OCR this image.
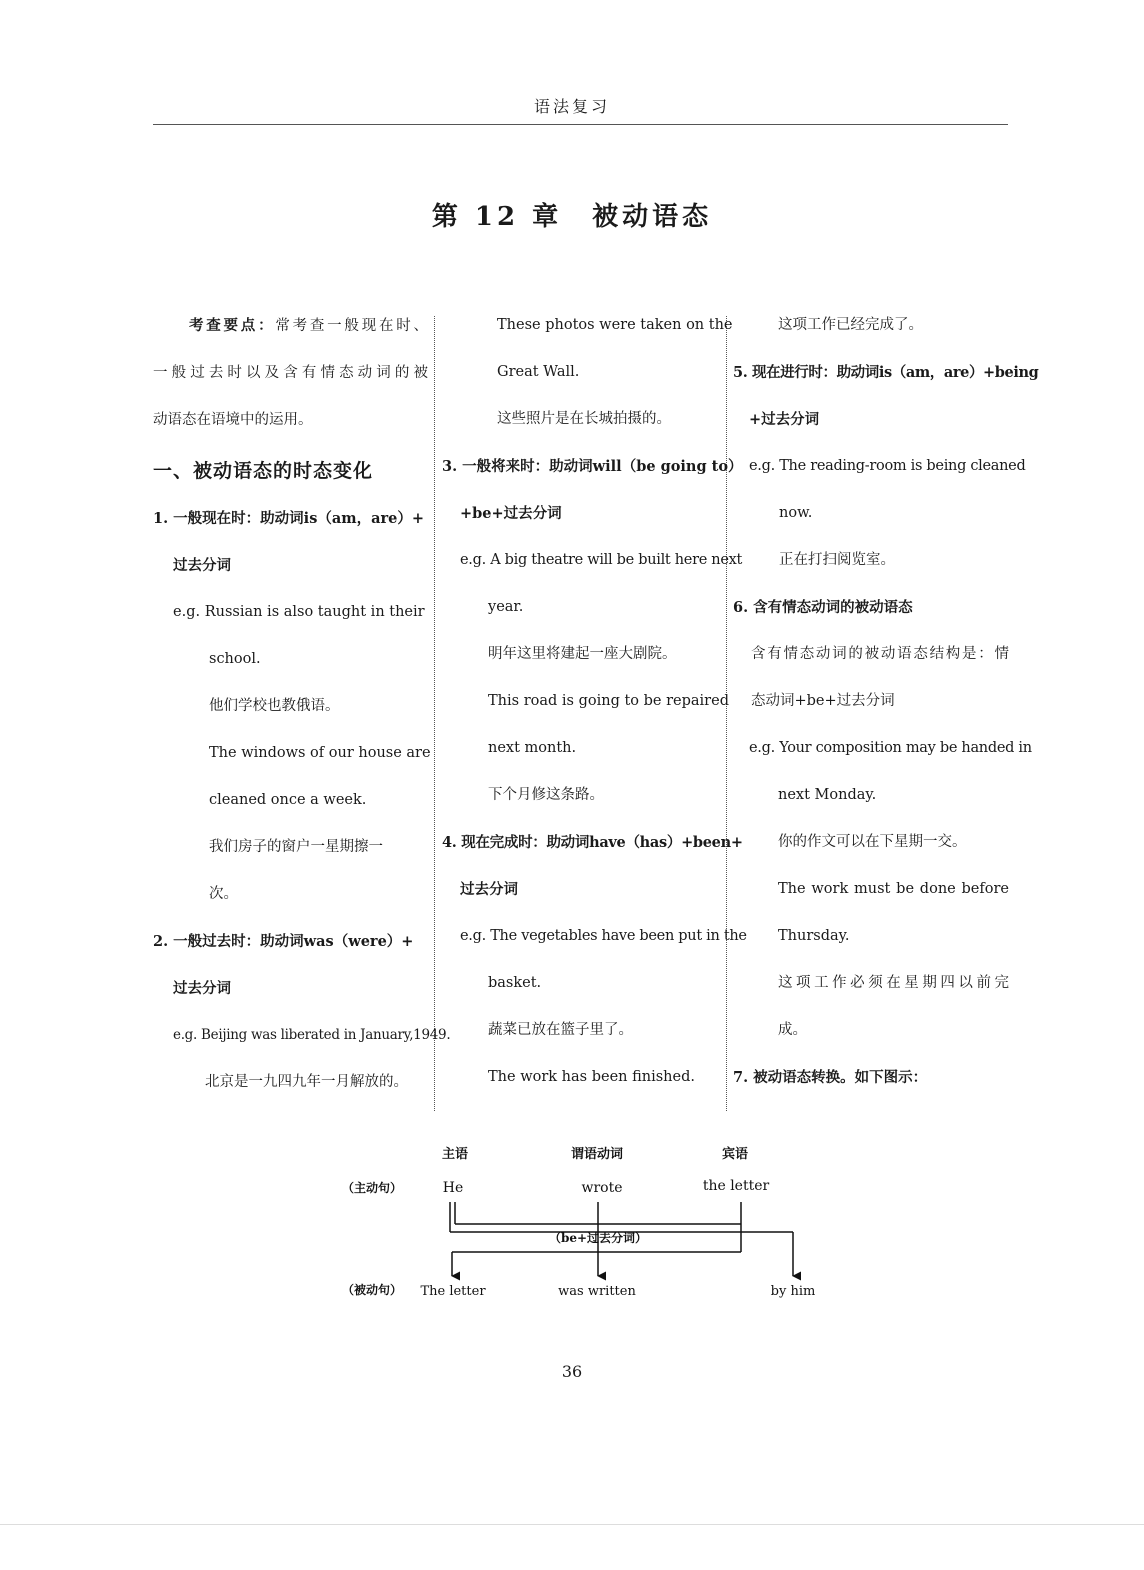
语法复习
第 12 章　被动语态

考查要点：常考查一般现在时、

一般过去时以及含有情态动词的被

动语态在语境中的运用。

一、被动语态的时态变化

1. 一般现在时：助动词is（am，are）+

过去分词

e.g. Russian is also taught in their

school.

他们学校也教俄语。

The windows of our house are

cleaned once a week.

我们房子的窗户一星期擦一

次。

2. 一般过去时：助动词was（were）+

过去分词

e.g. Beijing was liberated in January,1949.

北京是一九四九年一月解放的。

These photos were taken on the

Great Wall.

这些照片是在长城拍摄的。

3. 一般将来时：助动词will（be going to）

+be+过去分词

e.g. A big theatre will be built here next

year.

明年这里将建起一座大剧院。

This road is going to be repaired

next month.

下个月修这条路。

4. 现在完成时：助动词have（has）+been+

过去分词

e.g. The vegetables have been put in the

basket.

蔬菜已放在篮子里了。

The work has been finished.

这项工作已经完成了。

5. 现在进行时：助动词is（am，are）+being

+过去分词

e.g. The reading-room is being cleaned

now.

正在打扫阅览室。

6. 含有情态动词的被动语态

含有情态动词的被动语态结构是：情

态动词+be+过去分词

e.g. Your composition may be handed in

next Monday.

你的作文可以在下星期一交。

The work must be done before

Thursday.

这项工作必须在星期四以前完

成。

7. 被动语态转换。如下图示：

主语	谓语动词	宾语
（主动句）	He	wrote	the letter
（be+过去分词）
（被动句） The letter	was written	by him
36
